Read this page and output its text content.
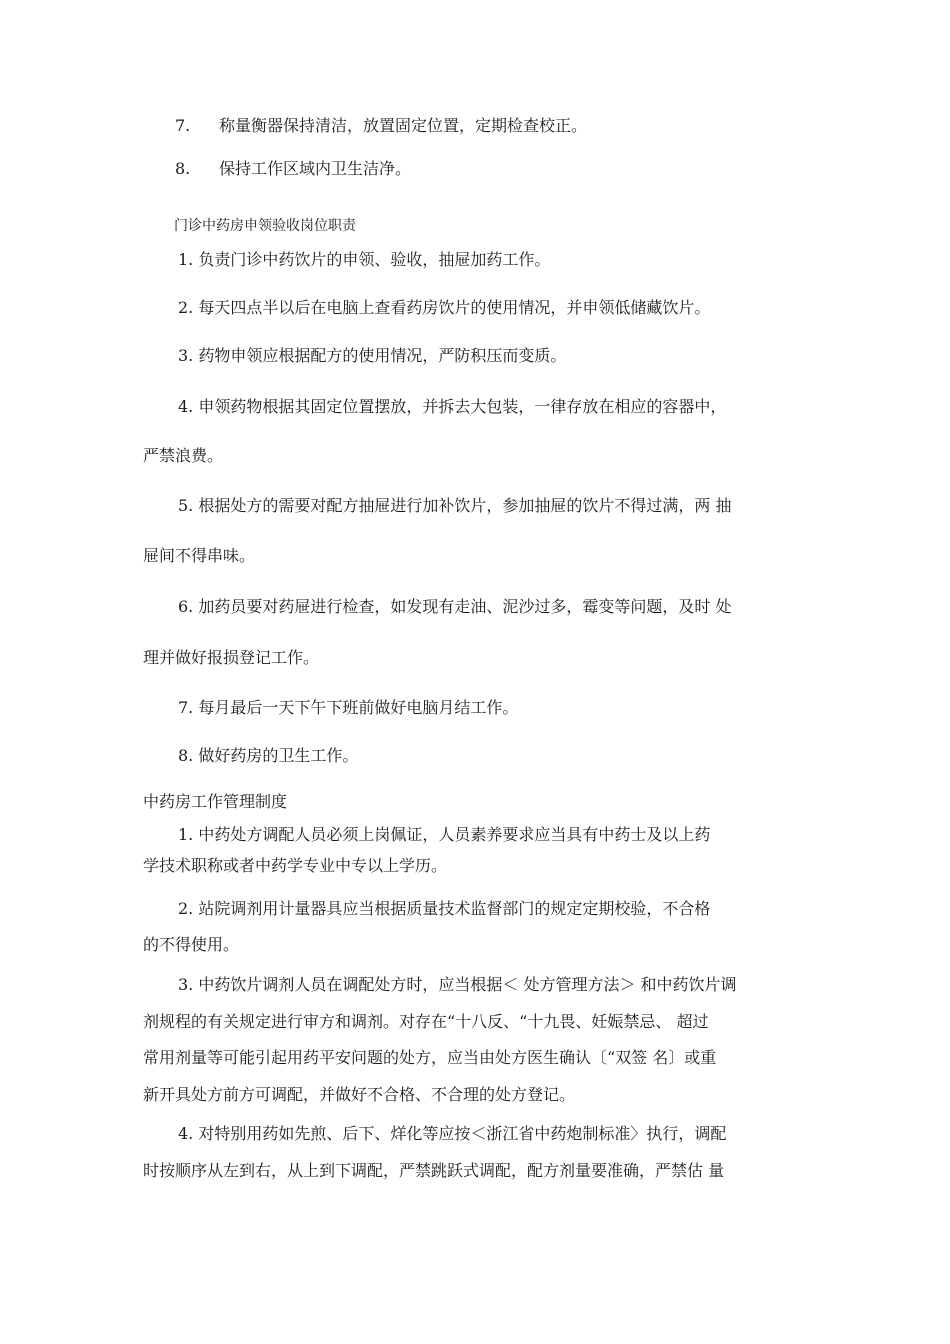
7. 称量衡器保持清洁，放置固定位置，定期检查校正。
8. 保持工作区域内卫生洁净。
门诊中药房申领验收岗位职责
1. 负责门诊中药饮片的申领、验收，抽屉加药工作。
2. 每天四点半以后在电脑上查看药房饮片的使用情况，并申领低储藏饮片。
3. 药物申领应根据配方的使用情况，严防积压而变质。
4. 申领药物根据其固定位置摆放，并拆去大包装，一律存放在相应的容器中，
严禁浪费。
5. 根据处方的需要对配方抽屉进行加补饮片，参加抽屉的饮片不得过满，两 抽
屉间不得串味。
6. 加药员要对药屉进行检查，如发现有走油、泥沙过多，霉变等问题，及时 处
理并做好报损登记工作。
7. 每月最后一天下午下班前做好电脑月结工作。
8. 做好药房的卫生工作。
中药房工作管理制度
1. 中药处方调配人员必须上岗佩证，人员素养要求应当具有中药士及以上药
学技术职称或者中药学专业中专以上学历。
2. 站院调剂用计量器具应当根据质量技术监督部门的规定定期校验，不合格
的不得使用。
3. 中药饮片调剂人员在调配处方时，应当根据＜ 处方管理方法＞ 和中药饮片调
剂规程的有关规定进行审方和调剂。对存在“十八反、“十九畏、妊娠禁忌、 超过
常用剂量等可能引起用药平安问题的处方，应当由处方医生确认〔“双签 名〕或重
新开具处方前方可调配，并做好不合格、不合理的处方登记。
4. 对特别用药如先煎、后下、烊化等应按＜浙江省中药炮制标准〉执行，调配
时按顺序从左到右，从上到下调配，严禁跳跃式调配，配方剂量要准确，严禁估 量
